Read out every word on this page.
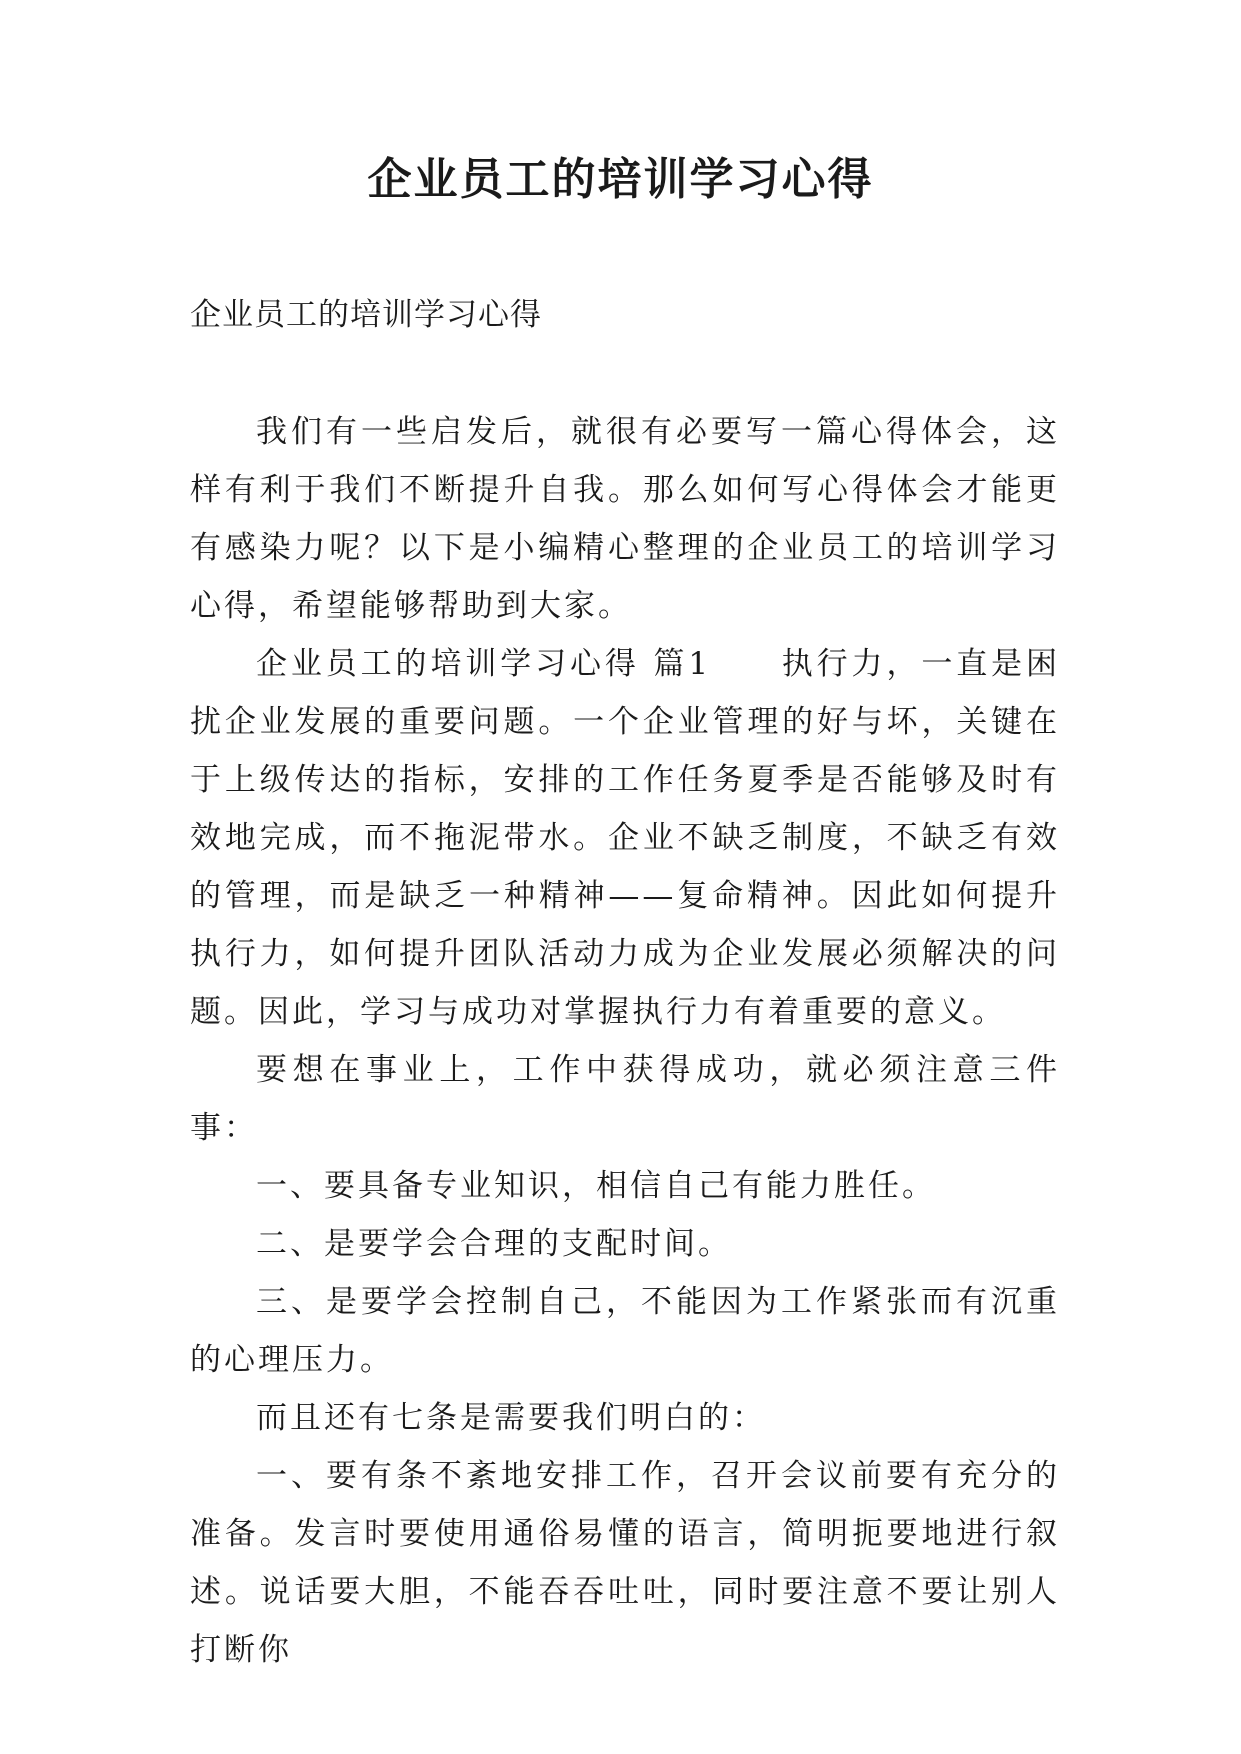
企业员工的培训学习心得

企业员工的培训学习心得

我们有一些启发后，就很有必要写一篇心得体会，这样有利于我们不断提升自我。那么如何写心得体会才能更有感染力呢？以下是小编精心整理的企业员工的培训学习心得，希望能够帮助到大家。

企业员工的培训学习心得 篇1　　执行力，一直是困扰企业发展的重要问题。一个企业管理的好与坏，关键在于上级传达的指标，安排的工作任务夏季是否能够及时有效地完成，而不拖泥带水。企业不缺乏制度，不缺乏有效的管理，而是缺乏一种精神——复命精神。因此如何提升执行力，如何提升团队活动力成为企业发展必须解决的问题。因此，学习与成功对掌握执行力有着重要的意义。

要想在事业上，工作中获得成功，就必须注意三件事：

一、要具备专业知识，相信自己有能力胜任。

二、是要学会合理的支配时间。

三、是要学会控制自己，不能因为工作紧张而有沉重的心理压力。

而且还有七条是需要我们明白的：

一、要有条不紊地安排工作，召开会议前要有充分的准备。发言时要使用通俗易懂的语言，简明扼要地进行叙述。说话要大胆，不能吞吞吐吐，同时要注意不要让别人打断你
